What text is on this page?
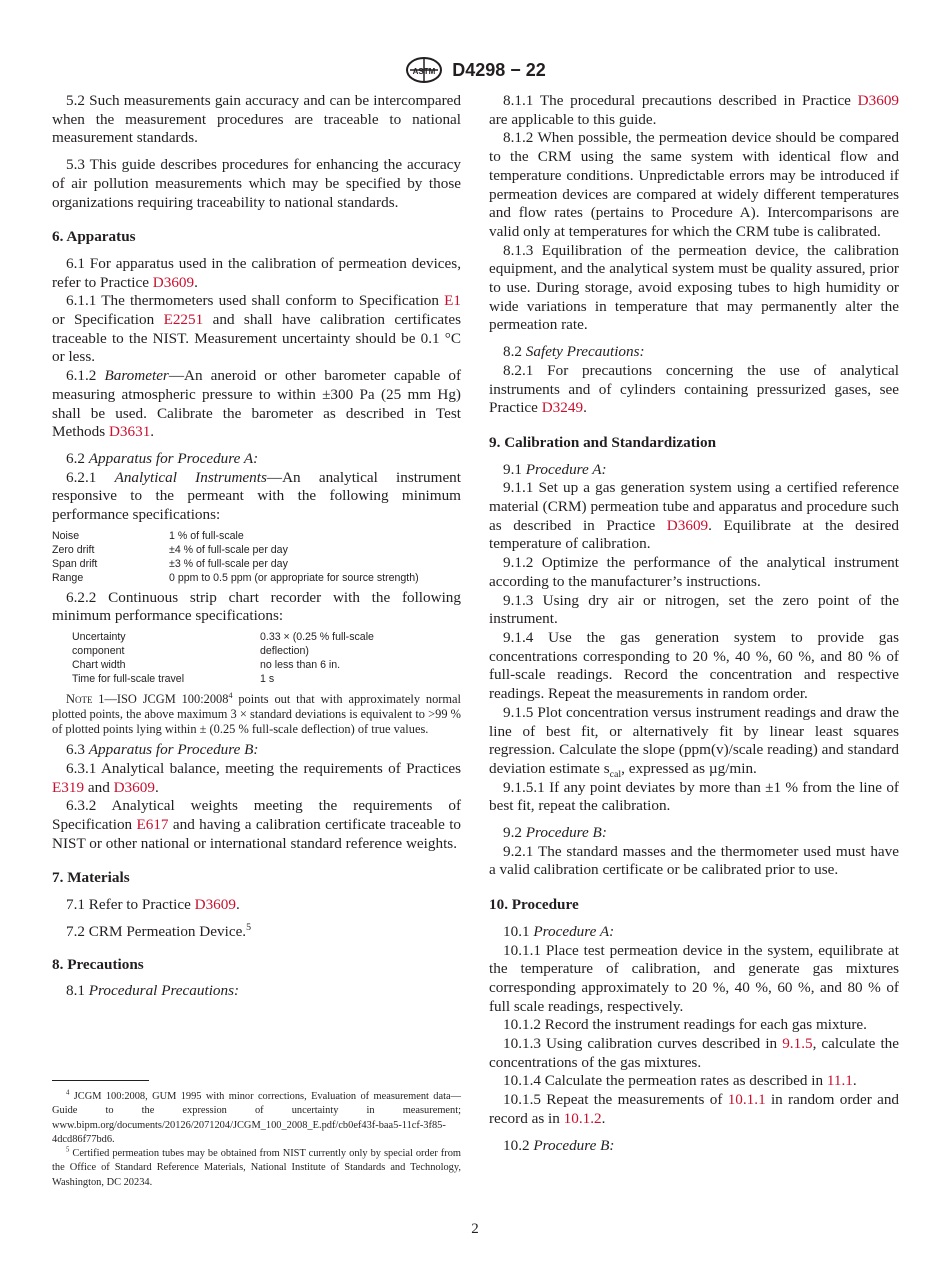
ASTM D4298 − 22

5.2 Such measurements gain accuracy and can be intercompared when the measurement procedures are traceable to national measurement standards.

5.3 This guide describes procedures for enhancing the accuracy of air pollution measurements which may be specified by those organizations requiring traceability to national standards.

6. Apparatus

6.1 For apparatus used in the calibration of permeation devices, refer to Practice D3609.

6.1.1 The thermometers used shall conform to Specification E1 or Specification E2251 and shall have calibration certificates traceable to the NIST. Measurement uncertainty should be 0.1 °C or less.

6.1.2 Barometer—An aneroid or other barometer capable of measuring atmospheric pressure to within ±300 Pa (25 mm Hg) shall be used. Calibrate the barometer as described in Test Methods D3631.

6.2 Apparatus for Procedure A:

6.2.1 Analytical Instruments—An analytical instrument responsive to the permeant with the following minimum performance specifications:

Noise	1 % of full-scale
Zero drift	±4 % of full-scale per day
Span drift	±3 % of full-scale per day
Range	0 ppm to 0.5 ppm (or appropriate for source strength)

6.2.2 Continuous strip chart recorder with the following minimum performance specifications:

Uncertainty	0.33 × (0.25 % full-scale
component	deflection)
Chart width	no less than 6 in.
Time for full-scale travel	1 s

Note 1—ISO JCGM 100:2008$^4$ points out that with approximately normal plotted points, the above maximum 3 × standard deviations is equivalent to >99 % of plotted points lying within ± (0.25 % full-scale deflection) of true values.

6.3 Apparatus for Procedure B:

6.3.1 Analytical balance, meeting the requirements of Practices E319 and D3609.

6.3.2 Analytical weights meeting the requirements of Specification E617 and having a calibration certificate traceable to NIST or other national or international standard reference weights.

7. Materials

7.1 Refer to Practice D3609.

7.2 CRM Permeation Device.$^5$

8. Precautions

8.1 Procedural Precautions:

$^4$ JCGM 100:2008, GUM 1995 with minor corrections, Evaluation of measurement data—Guide to the expression of uncertainty in measurement; www.bipm.org/documents/20126/2071204/JCGM_100_2008_E.pdf/cb0ef43f-baa5-11cf-3f85-4dcd86f77bd6.

$^5$ Certified permeation tubes may be obtained from NIST currently only by special order from the Office of Standard Reference Materials, National Institute of Standards and Technology, Washington, DC 20234.

8.1.1 The procedural precautions described in Practice D3609 are applicable to this guide.

8.1.2 When possible, the permeation device should be compared to the CRM using the same system with identical flow and temperature conditions. Unpredictable errors may be introduced if permeation devices are compared at widely different temperatures and flow rates (pertains to Procedure A). Intercomparisons are valid only at temperatures for which the CRM tube is calibrated.

8.1.3 Equilibration of the permeation device, the calibration equipment, and the analytical system must be quality assured, prior to use. During storage, avoid exposing tubes to high humidity or wide variations in temperature that may permanently alter the permeation rate.

8.2 Safety Precautions:

8.2.1 For precautions concerning the use of analytical instruments and of cylinders containing pressurized gases, see Practice D3249.

9. Calibration and Standardization

9.1 Procedure A:

9.1.1 Set up a gas generation system using a certified reference material (CRM) permeation tube and apparatus and procedure such as described in Practice D3609. Equilibrate at the desired temperature of calibration.

9.1.2 Optimize the performance of the analytical instrument according to the manufacturer’s instructions.

9.1.3 Using dry air or nitrogen, set the zero point of the instrument.

9.1.4 Use the gas generation system to provide gas concentrations corresponding to 20 %, 40 %, 60 %, and 80 % of full-scale readings. Record the concentration and respective readings. Repeat the measurements in random order.

9.1.5 Plot concentration versus instrument readings and draw the line of best fit, or alternatively fit by linear least squares regression. Calculate the slope (ppm(v)/scale reading) and standard deviation estimate $s_{cal}$, expressed as µg/min.

9.1.5.1 If any point deviates by more than ±1 % from the line of best fit, repeat the calibration.

9.2 Procedure B:

9.2.1 The standard masses and the thermometer used must have a valid calibration certificate or be calibrated prior to use.

10. Procedure

10.1 Procedure A:

10.1.1 Place test permeation device in the system, equilibrate at the temperature of calibration, and generate gas mixtures corresponding approximately to 20 %, 40 %, 60 %, and 80 % of full scale readings, respectively.

10.1.2 Record the instrument readings for each gas mixture.

10.1.3 Using calibration curves described in 9.1.5, calculate the concentrations of the gas mixtures.

10.1.4 Calculate the permeation rates as described in 11.1.

10.1.5 Repeat the measurements of 10.1.1 in random order and record as in 10.1.2.

10.2 Procedure B:

2
